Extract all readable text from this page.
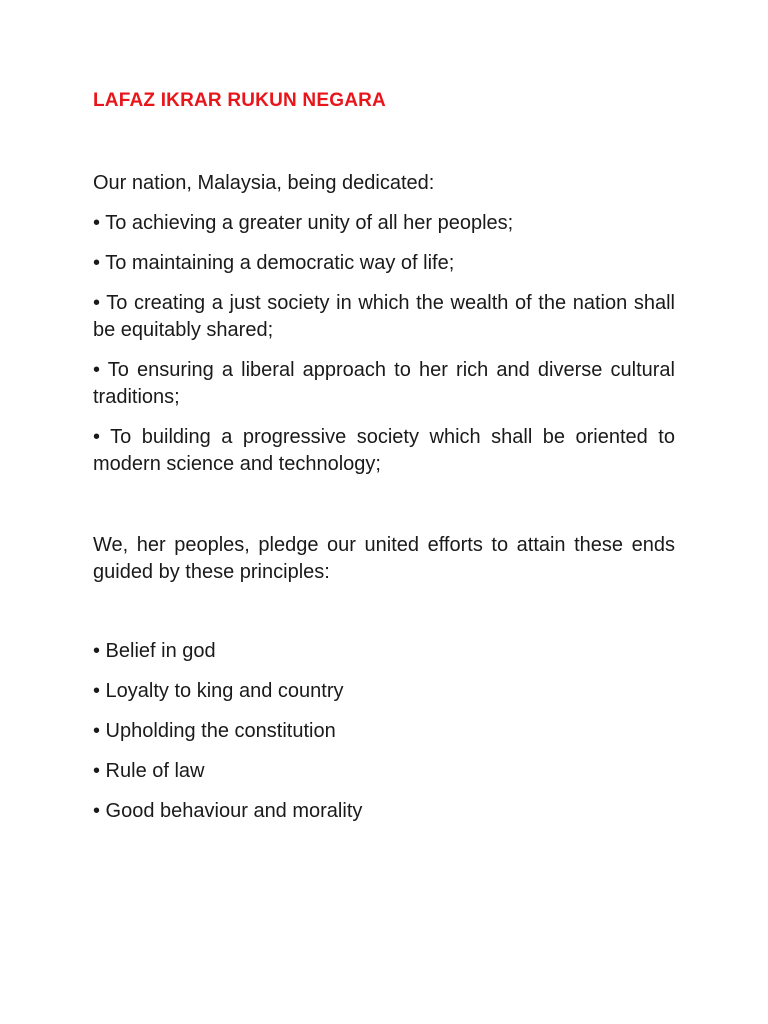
LAFAZ IKRAR RUKUN NEGARA

Our nation, Malaysia, being dedicated:

• To achieving a greater unity of all her peoples;

• To maintaining a democratic way of life;

• To creating a just society in which the wealth of the nation shall be equitably shared;

• To ensuring a liberal approach to her rich and diverse cultural traditions;

• To building a progressive society which shall be oriented to modern science and technology;

We, her peoples, pledge our united efforts to attain these ends guided by these principles:

• Belief in god

• Loyalty to king and country

• Upholding the constitution

• Rule of law

• Good behaviour and morality
